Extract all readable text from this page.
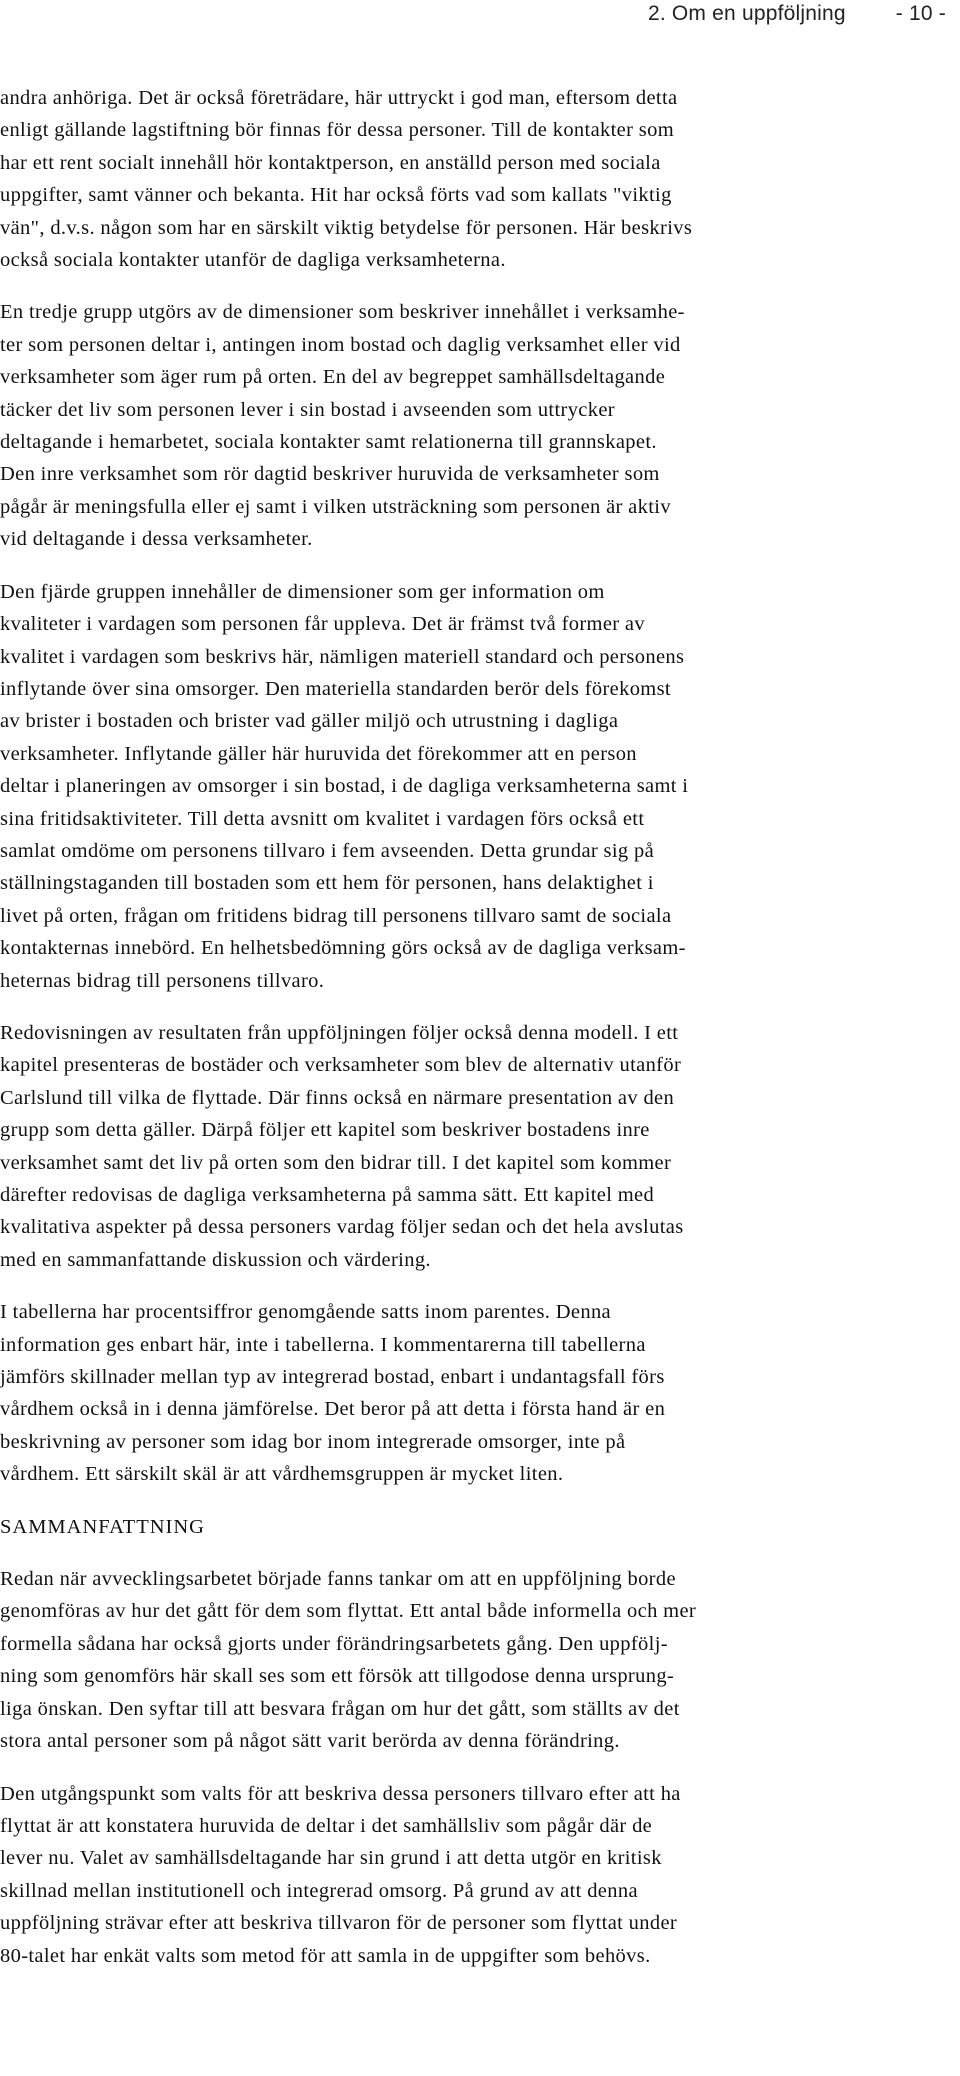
2. Om en uppföljning - 10 -
andra anhöriga. Det är också företrädare, här uttryckt i god man, eftersom detta
enligt gällande lagstiftning bör finnas för dessa personer. Till de kontakter som
har ett rent socialt innehåll hör kontaktperson, en anställd person med sociala
uppgifter, samt vänner och bekanta. Hit har också förts vad som kallats "viktig
vän", d.v.s. någon som har en särskilt viktig betydelse för personen. Här beskrivs
också sociala kontakter utanför de dagliga verksamheterna.
En tredje grupp utgörs av de dimensioner som beskriver innehållet i verksamhe-
ter som personen deltar i, antingen inom bostad och daglig verksamhet eller vid
verksamheter som äger rum på orten. En del av begreppet samhällsdeltagande
täcker det liv som personen lever i sin bostad i avseenden som uttrycker
deltagande i hemarbetet, sociala kontakter samt relationerna till grannskapet.
Den inre verksamhet som rör dagtid beskriver huruvida de verksamheter som
pågår är meningsfulla eller ej samt i vilken utsträckning som personen är aktiv
vid deltagande i dessa verksamheter.
Den fjärde gruppen innehåller de dimensioner som ger information om
kvaliteter i vardagen som personen får uppleva. Det är främst två former av
kvalitet i vardagen som beskrivs här, nämligen materiell standard och personens
inflytande över sina omsorger. Den materiella standarden berör dels förekomst
av brister i bostaden och brister vad gäller miljö och utrustning i dagliga
verksamheter. Inflytande gäller här huruvida det förekommer att en person
deltar i planeringen av omsorger i sin bostad, i de dagliga verksamheterna samt i
sina fritidsaktiviteter. Till detta avsnitt om kvalitet i vardagen förs också ett
samlat omdöme om personens tillvaro i fem avseenden. Detta grundar sig på
ställningstaganden till bostaden som ett hem för personen, hans delaktighet i
livet på orten, frågan om fritidens bidrag till personens tillvaro samt de sociala
kontakternas innebörd. En helhetsbedömning görs också av de dagliga verksam-
heternas bidrag till personens tillvaro.
Redovisningen av resultaten från uppföljningen följer också denna modell. I ett
kapitel presenteras de bostäder och verksamheter som blev de alternativ utanför
Carlslund till vilka de flyttade. Där finns också en närmare presentation av den
grupp som detta gäller. Därpå följer ett kapitel som beskriver bostadens inre
verksamhet samt det liv på orten som den bidrar till. I det kapitel som kommer
därefter redovisas de dagliga verksamheterna på samma sätt. Ett kapitel med
kvalitativa aspekter på dessa personers vardag följer sedan och det hela avslutas
med en sammanfattande diskussion och värdering.
I tabellerna har procentsiffror genomgående satts inom parentes. Denna
information ges enbart här, inte i tabellerna. I kommentarerna till tabellerna
jämförs skillnader mellan typ av integrerad bostad, enbart i undantagsfall förs
vårdhem också in i denna jämförelse. Det beror på att detta i första hand är en
beskrivning av personer som idag bor inom integrerade omsorger, inte på
vårdhem. Ett särskilt skäl är att vårdhemsgruppen är mycket liten.
SAMMANFATTNING
Redan när avvecklingsarbetet började fanns tankar om att en uppföljning borde
genomföras av hur det gått för dem som flyttat. Ett antal både informella och mer
formella sådana har också gjorts under förändringsarbetets gång. Den uppfölj-
ning som genomförs här skall ses som ett försök att tillgodose denna ursprung-
liga önskan. Den syftar till att besvara frågan om hur det gått, som ställts av det
stora antal personer som på något sätt varit berörda av denna förändring.
Den utgångspunkt som valts för att beskriva dessa personers tillvaro efter att ha
flyttat är att konstatera huruvida de deltar i det samhällsliv som pågår där de
lever nu. Valet av samhällsdeltagande har sin grund i att detta utgör en kritisk
skillnad mellan institutionell och integrerad omsorg. På grund av att denna
uppföljning strävar efter att beskriva tillvaron för de personer som flyttat under
80-talet har enkät valts som metod för att samla in de uppgifter som behövs.
